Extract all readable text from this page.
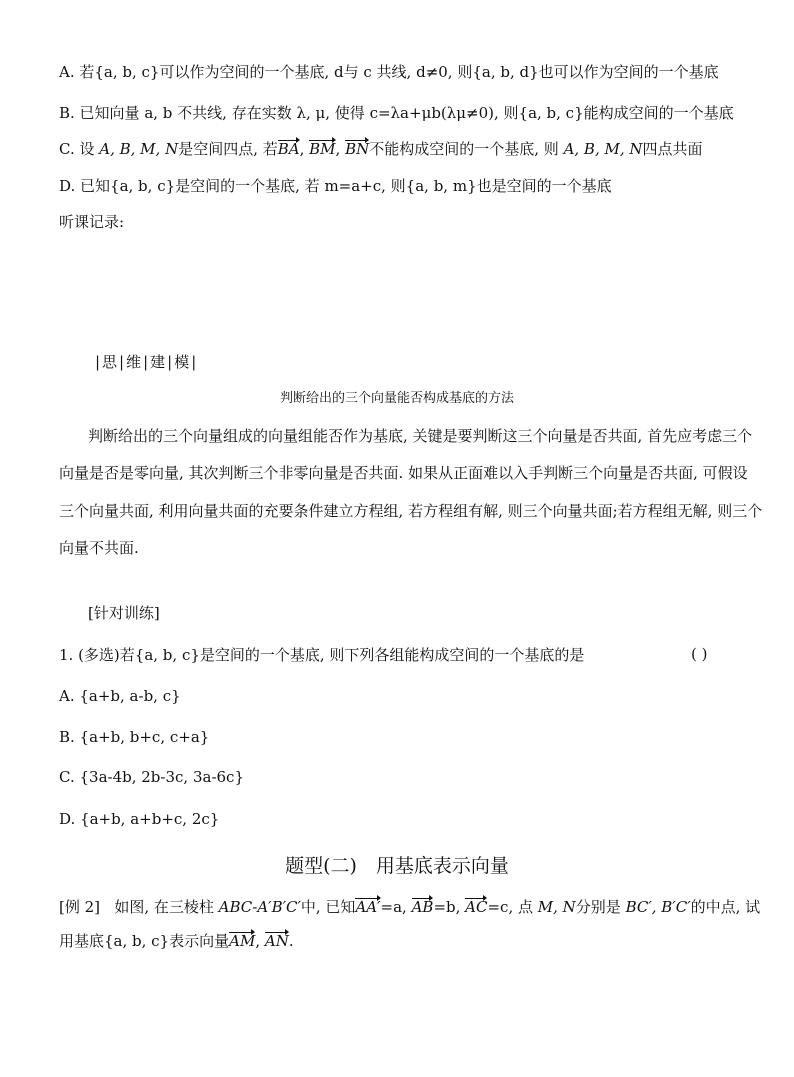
A. 若{a, b, c}可以作为空间的一个基底, d与 c 共线, d≠0, 则{a, b, d}也可以作为空间的一个基底
B. 已知向量 a, b 不共线, 存在实数 λ, μ, 使得 c=λa+μb(λμ≠0), 则{a, b, c}能构成空间的一个基底
C. 设 A, B, M, N是空间四点, 若BA, BM, BN不能构成空间的一个基底, 则 A, B, M, N四点共面
D. 已知{a, b, c}是空间的一个基底, 若 m=a+c, 则{a, b, m}也是空间的一个基底
听课记录:
|思|维|建|模|
判断给出的三个向量能否构成基底的方法
判断给出的三个向量组成的向量组能否作为基底, 关键是要判断这三个向量是否共面, 首先应考虑三个
向量是否是零向量, 其次判断三个非零向量是否共面. 如果从正面难以入手判断三个向量是否共面, 可假设
三个向量共面, 利用向量共面的充要条件建立方程组, 若方程组有解, 则三个向量共面;若方程组无解, 则三个
向量不共面.
[针对训练]
1. (多选)若{a, b, c}是空间的一个基底, 则下列各组能构成空间的一个基底的是	( )
A. {a+b, a-b, c}
B. {a+b, b+c, c+a}
C. {3a-4b, 2b-3c, 3a-6c}
D. {a+b, a+b+c, 2c}
题型(二)　用基底表示向量
[例 2] 如图, 在三棱柱 ABC-A′B′C′中, 已知AA′=a, AB=b, AC=c, 点 M, N分别是 BC′, B′C′的中点, 试
用基底{a, b, c}表示向量AM, AN.
